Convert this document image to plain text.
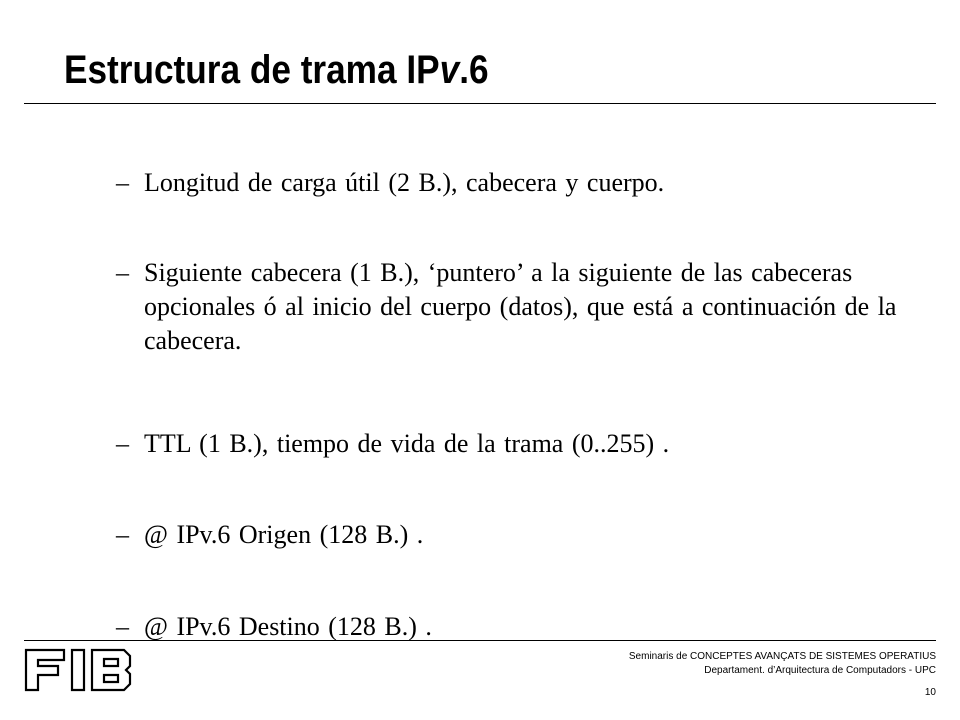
Estructura de trama IPv.6
– Longitud de carga útil (2 B.), cabecera y cuerpo.
– Siguiente cabecera (1 B.), ‘puntero’ a la siguiente de las cabeceras opcionales ó al inicio del cuerpo (datos), que está a continuación de la cabecera.
– TTL (1 B.), tiempo de vida de la trama (0..255) .
– @ IPv.6 Origen (128 B.) .
– @ IPv.6 Destino (128 B.) .
Seminaris de CONCEPTES AVANÇATS DE SISTEMES OPERATIUS
Departament. d’Arquitectura de Computadors - UPC
10
